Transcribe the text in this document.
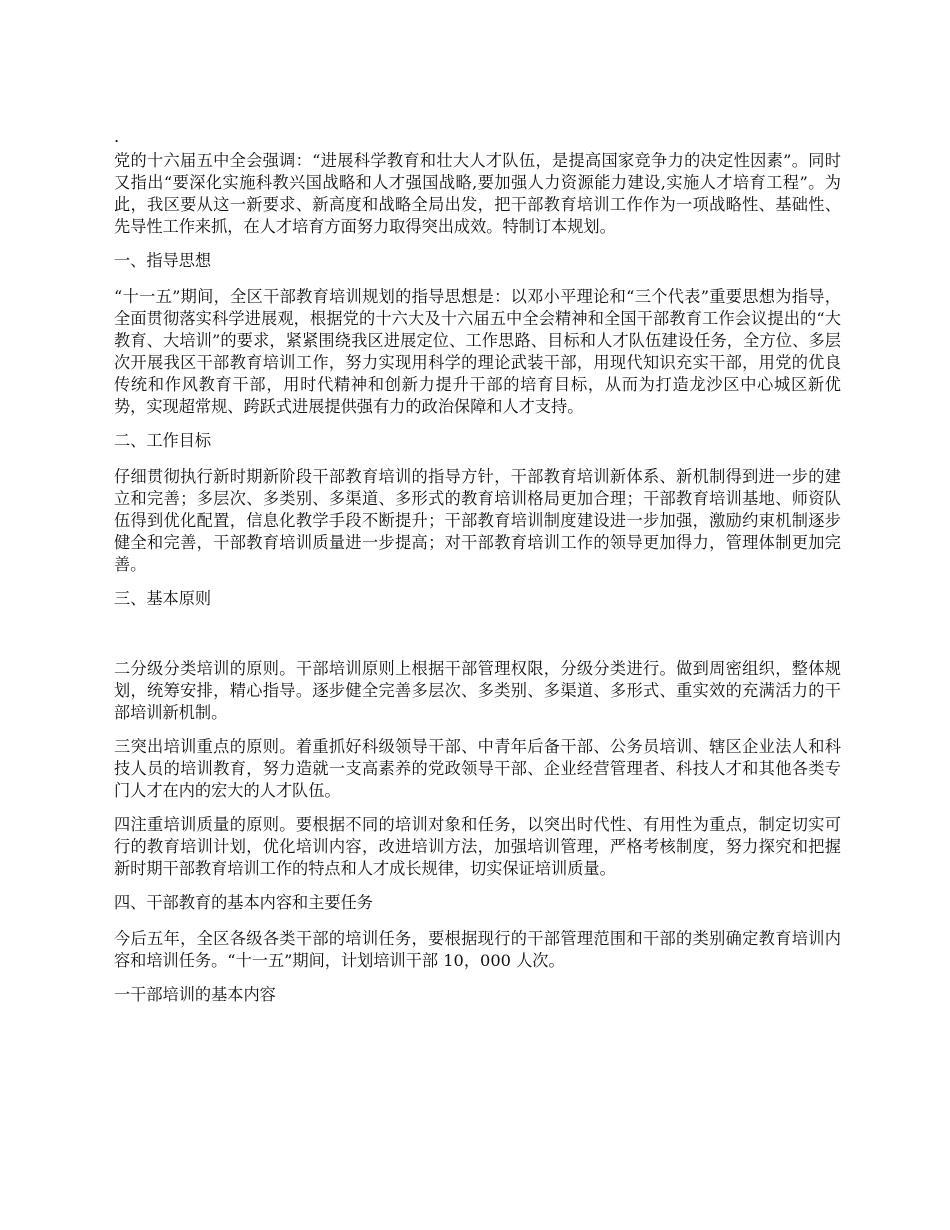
.

党的十六届五中全会强调：“进展科学教育和壮大人才队伍，是提高国家竞争力的决定性因素”。同时又指出“要深化实施科教兴国战略和人才强国战略,要加强人力资源能力建设,实施人才培育工程”。为此，我区要从这一新要求、新高度和战略全局出发，把干部教育培训工作作为一项战略性、基础性、先导性工作来抓，在人才培育方面努力取得突出成效。特制订本规划。

一、指导思想

“十一五”期间，全区干部教育培训规划的指导思想是：以邓小平理论和“三个代表”重要思想为指导，全面贯彻落实科学进展观，根据党的十六大及十六届五中全会精神和全国干部教育工作会议提出的“大教育、大培训”的要求，紧紧围绕我区进展定位、工作思路、目标和人才队伍建设任务，全方位、多层次开展我区干部教育培训工作，努力实现用科学的理论武装干部，用现代知识充实干部，用党的优良传统和作风教育干部，用时代精神和创新力提升干部的培育目标，从而为打造龙沙区中心城区新优势，实现超常规、跨跃式进展提供强有力的政治保障和人才支持。

二、工作目标

仔细贯彻执行新时期新阶段干部教育培训的指导方针，干部教育培训新体系、新机制得到进一步的建立和完善；多层次、多类别、多渠道、多形式的教育培训格局更加合理；干部教育培训基地、师资队伍得到优化配置，信息化教学手段不断提升；干部教育培训制度建设进一步加强，激励约束机制逐步健全和完善，干部教育培训质量进一步提高；对干部教育培训工作的领导更加得力，管理体制更加完善。

三、基本原则

二分级分类培训的原则。干部培训原则上根据干部管理权限，分级分类进行。做到周密组织，整体规划，统筹安排，精心指导。逐步健全完善多层次、多类别、多渠道、多形式、重实效的充满活力的干部培训新机制。

三突出培训重点的原则。着重抓好科级领导干部、中青年后备干部、公务员培训、辖区企业法人和科技人员的培训教育，努力造就一支高素养的党政领导干部、企业经营管理者、科技人才和其他各类专门人才在内的宏大的人才队伍。

四注重培训质量的原则。要根据不同的培训对象和任务，以突出时代性、有用性为重点，制定切实可行的教育培训计划，优化培训内容，改进培训方法，加强培训管理，严格考核制度，努力探究和把握新时期干部教育培训工作的特点和人才成长规律，切实保证培训质量。

四、干部教育的基本内容和主要任务

今后五年，全区各级各类干部的培训任务，要根据现行的干部管理范围和干部的类别确定教育培训内容和培训任务。“十一五”期间，计划培训干部 10，000 人次。

一干部培训的基本内容
